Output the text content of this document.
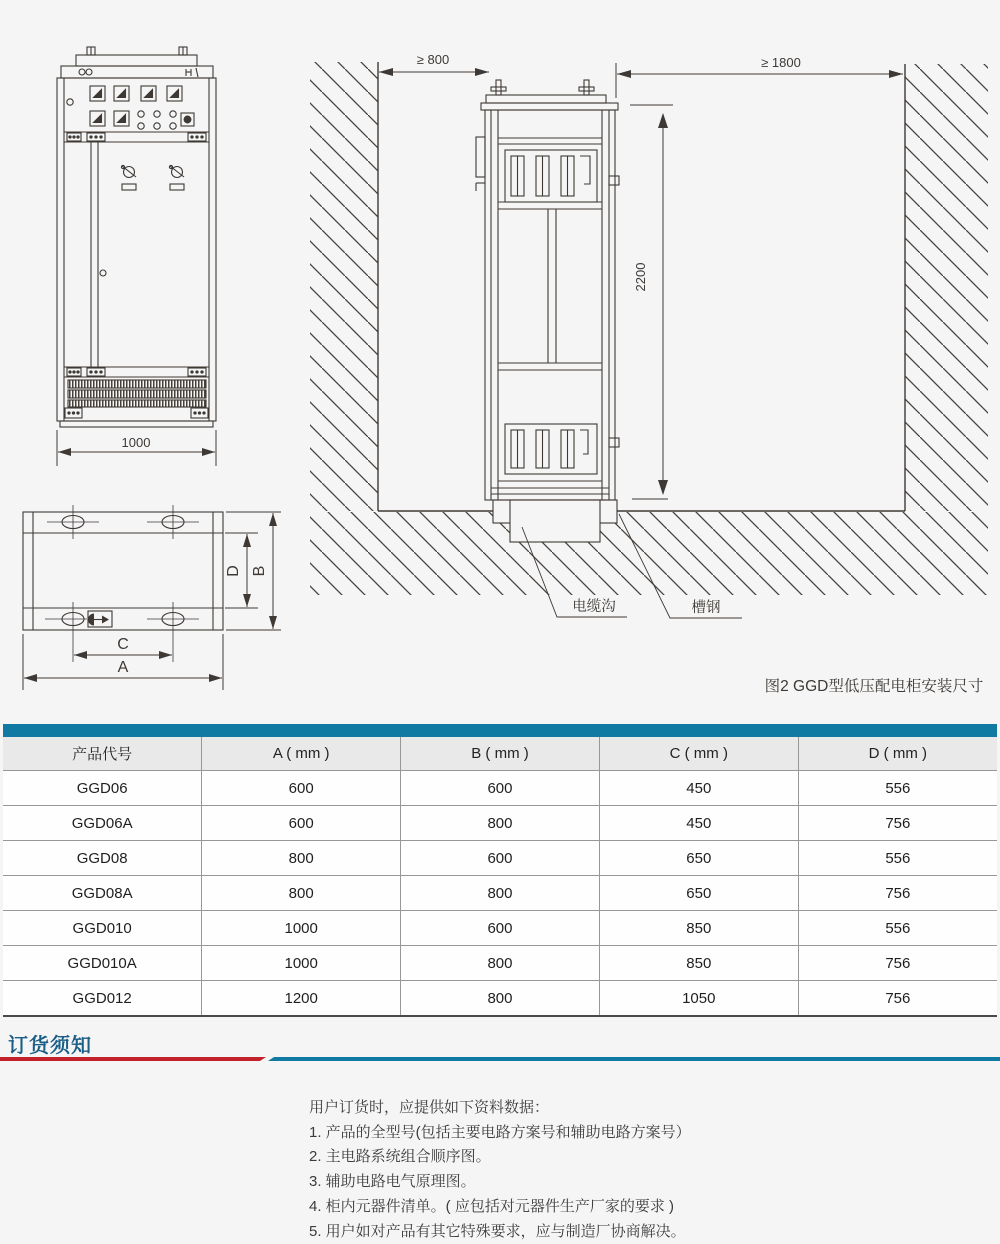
1000
C
A
D B
≥ 800	≥ 1800
2200
电缆沟	槽钢
图2 GGD型低压配电柜安装尺寸
产品代号	A ( mm )	B ( mm )	C ( mm )	D ( mm )
GGD06	600	600	450	556
GGD06A	600	800	450	756
GGD08	800	600	650	556
GGD08A	800	800	650	756
GGD010	1000	600	850	556
GGD010A	1000	800	850	756
GGD012	1200	800	1050	756
订货须知
用户订货时，应提供如下资料数据：
1. 产品的全型号(包括主要电路方案号和辅助电路方案号）
2. 主电路系统组合顺序图。
3. 辅助电路电气原理图。
4. 柜内元器件清单。( 应包括对元器件生产厂家的要求 )
5. 用户如对产品有其它特殊要求，应与制造厂协商解决。
